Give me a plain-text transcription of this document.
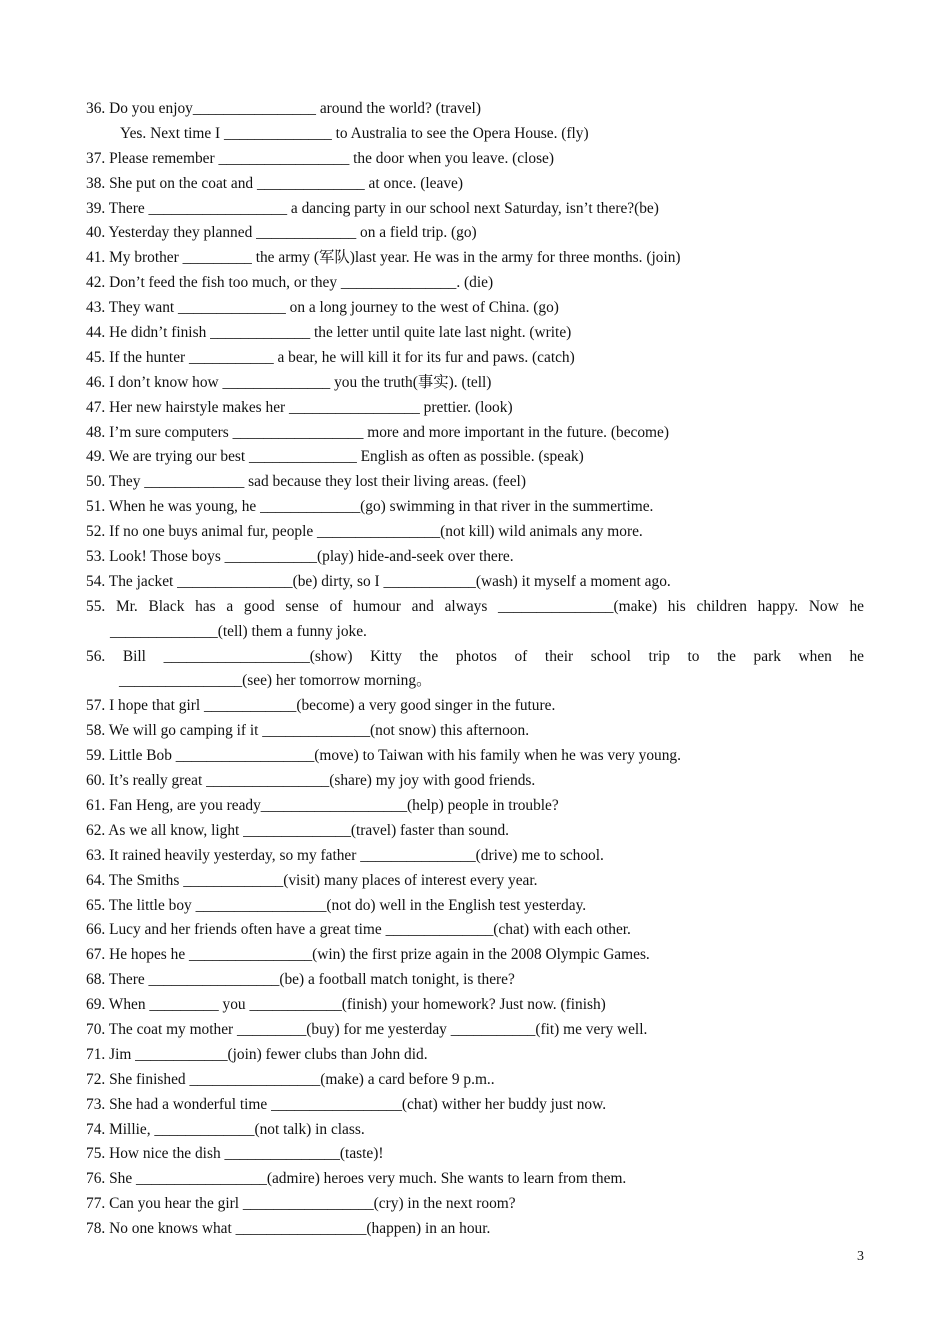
36. Do you enjoy________________ around the world? (travel)
Yes. Next time I ______________ to Australia to see the Opera House. (fly)
37. Please remember _________________ the door when you leave. (close)
38. She put on the coat and ______________ at once. (leave)
39. There __________________ a dancing party in our school next Saturday, isn’t there?(be)
40. Yesterday they planned _____________ on a field trip. (go)
41. My brother _________ the army (军队)last year. He was in the army for three months. (join)
42. Don’t feed the fish too much, or they _______________. (die)
43. They want ______________ on a long journey to the west of China. (go)
44. He didn’t finish _____________ the letter until quite late last night. (write)
45. If the hunter ___________ a bear, he will kill it for its fur and paws. (catch)
46. I don’t know how ______________ you the truth(事实). (tell)
47. Her new hairstyle makes her _________________ prettier. (look)
48. I’m sure computers _________________ more and more important in the future. (become)
49. We are trying our best ______________ English as often as possible. (speak)
50. They _____________ sad because they lost their living areas. (feel)
51. When he was young, he _____________(go) swimming in that river in the summertime.
52. If no one buys animal fur, people ________________(not kill) wild animals any more.
53. Look! Those boys ____________(play) hide-and-seek over there.
54. The jacket _______________(be) dirty, so I ____________(wash) it myself a moment ago.
55. Mr. Black has a good sense of humour and always _______________(make) his children happy. Now he
______________(tell) them a funny joke.
56. Bill ___________________(show) Kitty the photos of their school trip to the park when he
________________(see) her tomorrow morning。
57. I hope that girl ____________(become) a very good singer in the future.
58. We will go camping if it ______________(not snow) this afternoon.
59. Little Bob __________________(move) to Taiwan with his family when he was very young.
60. It’s really great ________________(share) my joy with good friends.
61. Fan Heng, are you ready___________________(help) people in trouble?
62. As we all know, light ______________(travel) faster than sound.
63. It rained heavily yesterday, so my father _______________(drive) me to school.
64. The Smiths _____________(visit) many places of interest every year.
65. The little boy _________________(not do) well in the English test yesterday.
66. Lucy and her friends often have a great time ______________(chat) with each other.
67. He hopes he ________________(win) the first prize again in the 2008 Olympic Games.
68. There _________________(be) a football match tonight, is there?
69. When _________ you ____________(finish) your homework? Just now. (finish)
70. The coat my mother _________(buy) for me yesterday ___________(fit) me very well.
71. Jim ____________(join) fewer clubs than John did.
72. She finished _________________(make) a card before 9 p.m..
73. She had a wonderful time _________________(chat) wither her buddy just now.
74. Millie, _____________(not talk) in class.
75. How nice the dish _______________(taste)!
76. She _________________(admire) heroes very much. She wants to learn from them.
77. Can you hear the girl _________________(cry) in the next room?
78. No one knows what _________________(happen) in an hour.
3
